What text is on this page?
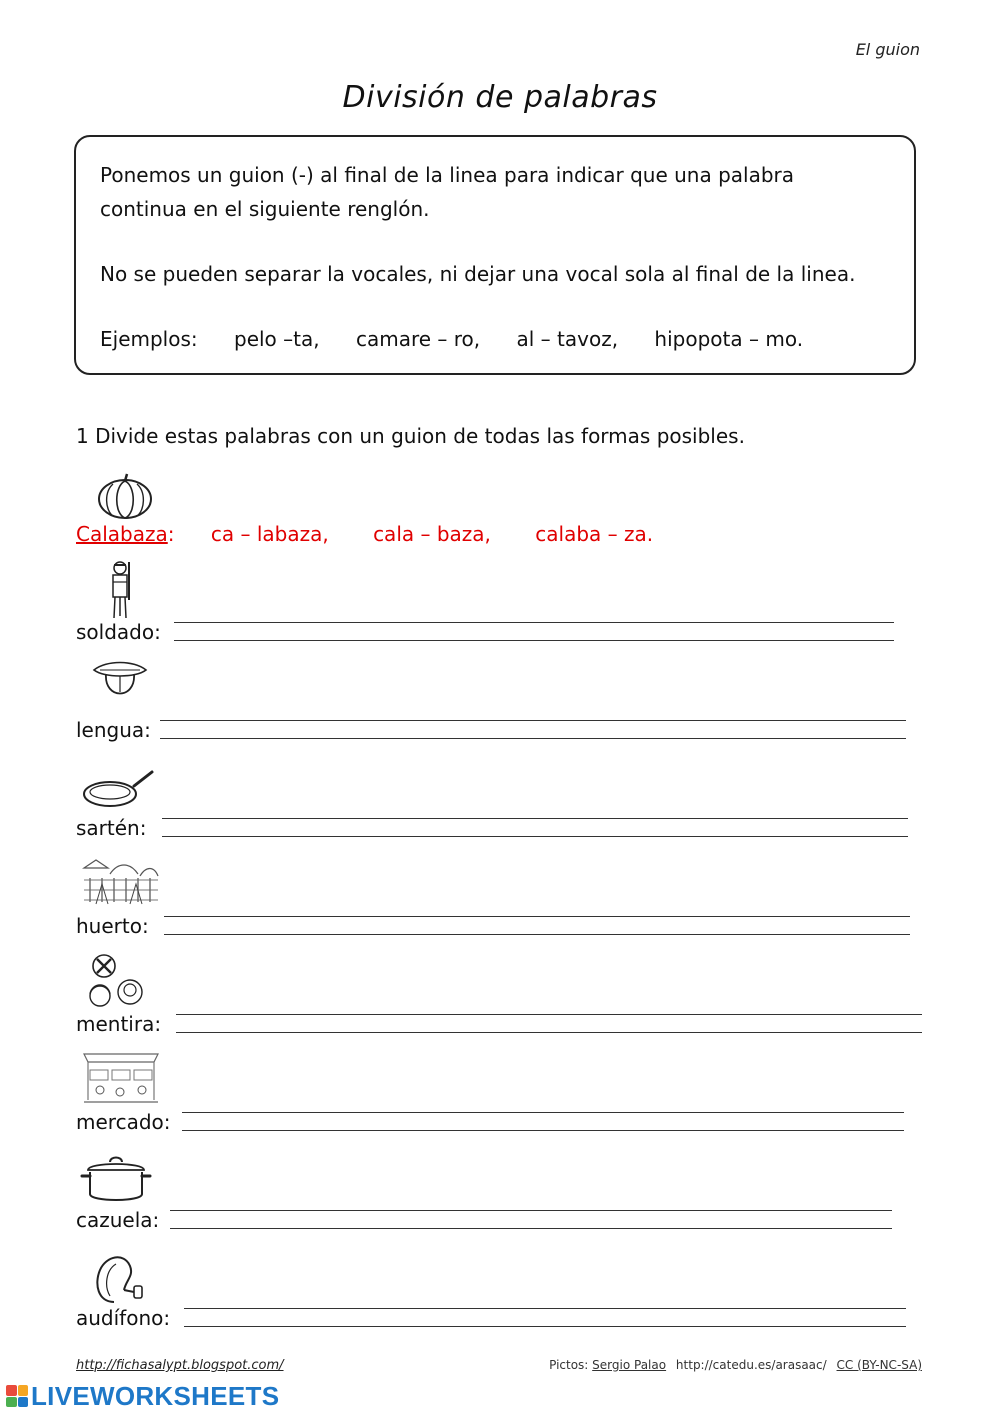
El guion
División de palabras

Ponemos un guion (-) al final de la linea para indicar que una palabra

continua en el siguiente renglón.

No se pueden separar la vocales, ni dejar una vocal sola al final de la linea.

Ejemplos: pelo –ta, camare – ro, al – tavoz, hipopota – mo.

1 Divide estas palabras con un guion de todas las formas posibles.
Calabaza: ca – labaza, cala – baza, calaba – za.
soldado:
lengua:
sartén:
huerto:
mentira:
mercado:
cazuela:
audífono:
http://fichasalypt.blogspot.com/	Pictos: Sergio Palao http://catedu.es/arasaac/ CC (BY-NC-SA)
LIVEWORKSHEETS
